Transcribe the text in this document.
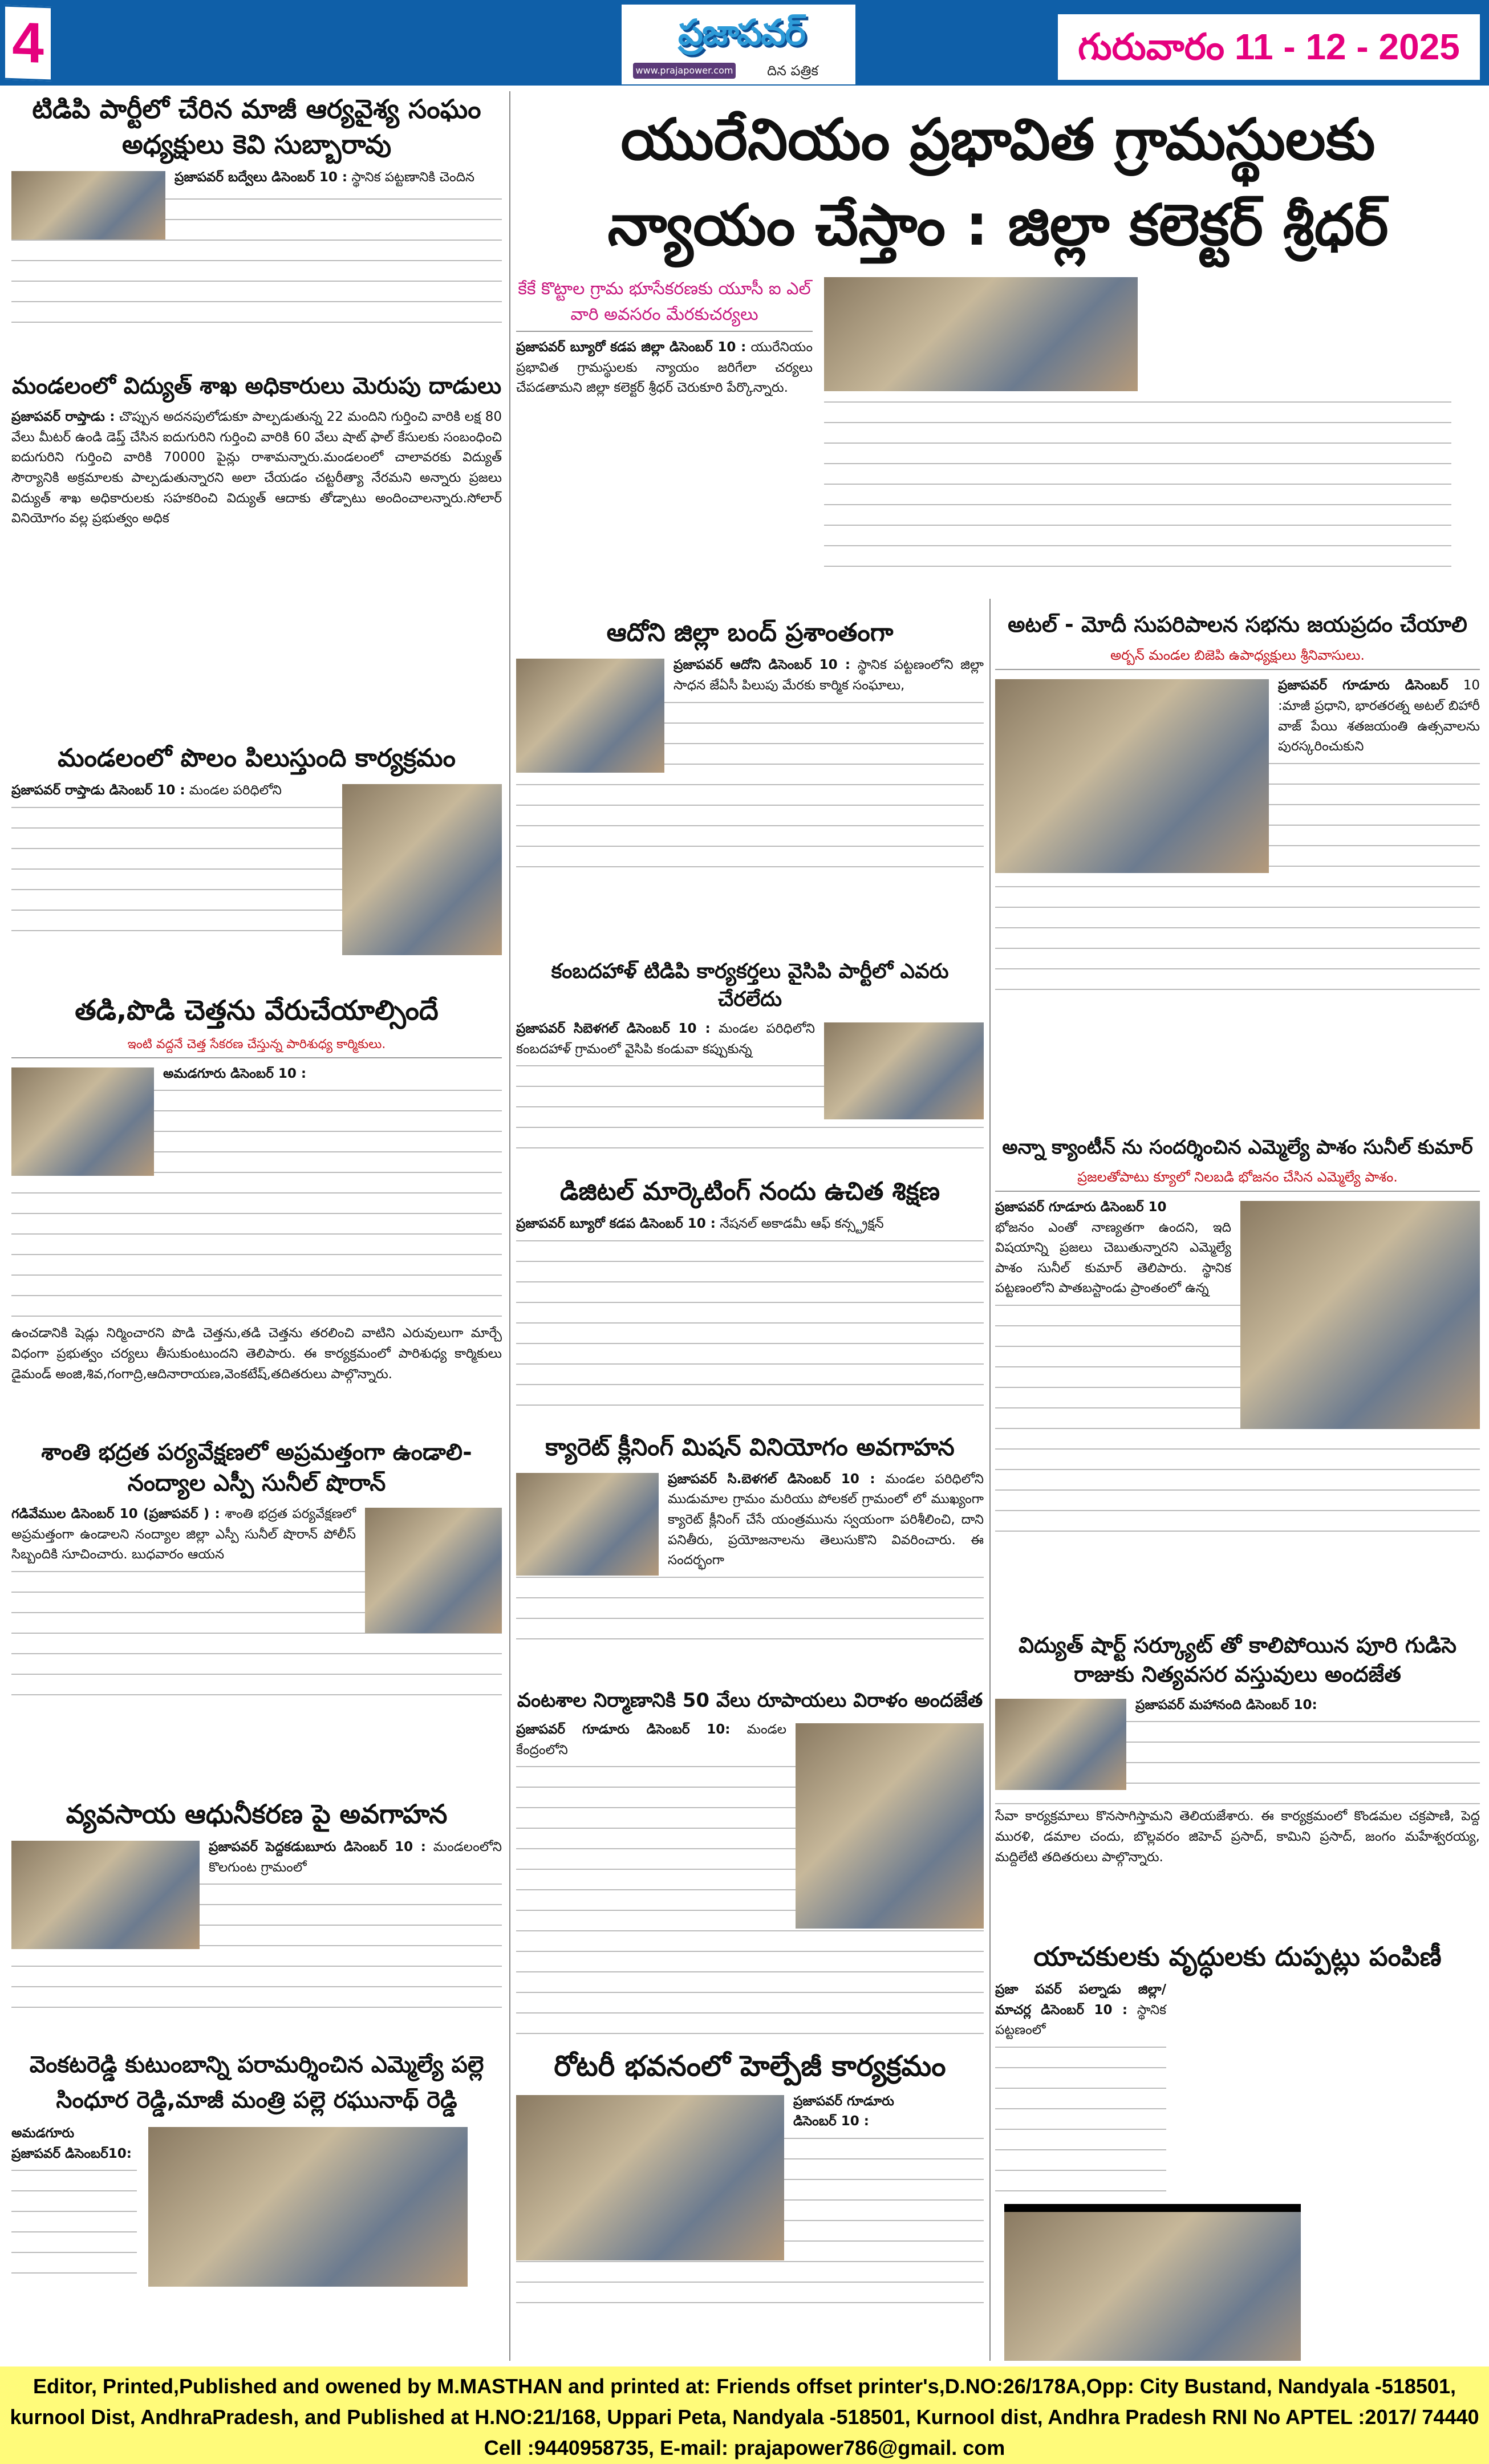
4	ప్రజాపవర్
www.prajapower.com	దిన పత్రిక
గురువారం 11 - 12 - 2025
యురేనియం ప్రభావిత గ్రామస్థులకు
న్యాయం చేస్తాం : జిల్లా కలెక్టర్ శ్రీధర్
కేకే కొట్టాల గ్రామ భూసేకరణకు యూసీ ఐ ఎల్ వారి అవసరం మేరకుచర్యలు
ప్రజాపవర్ బ్యూరో కడప జిల్లా డిసెంబర్ 10 : యురేనియం ప్రభావిత గ్రామస్థులకు న్యాయం జరిగేలా చర్యలు చేపడతామని జిల్లా కలెక్టర్ శ్రీధర్ చెరుకూరి పేర్కొన్నారు.
టిడిపి పార్టీలో చేరిన మాజీ ఆర్యవైశ్య సంఘం అధ్యక్షులు కెవి సుబ్బారావు
ప్రజాపవర్ బద్వేలు డిసెంబర్ 10 : స్థానిక పట్టణానికి చెందిన
మండలంలో విద్యుత్ శాఖ అధికారులు మెరుపు దాడులు
ప్రజాపవర్ రాప్తాడు : చొప్పున అదనపులోడుకూ పాల్పడుతున్న 22 మందిని గుర్తించి వారికి లక్ష 80 వేలు మీటర్ ఉండి డెప్త్ చేసిన ఐదుగురిని గుర్తించి వారికి 60 వేలు షాట్ ఫాల్ కేసులకు సంబంధించి ఐదుగురిని గుర్తించి వారికి 70000 పైన్లు రాశామన్నారు.మండలంలో చాలావరకు విద్యుత్ సౌర్యానికి అక్రమాలకు పాల్పడుతున్నారని అలా చేయడం చట్టరీత్యా నేరమని అన్నారు ప్రజలు విద్యుత్ శాఖ అధికారులకు సహకరించి విద్యుత్ ఆదాకు తోడ్పాటు అందించాలన్నారు.సోలార్ వినియోగం వల్ల ప్రభుత్వం అధిక
మండలంలో పొలం పిలుస్తుంది కార్యక్రమం
ప్రజాపవర్ రాప్తాడు డిసెంబర్ 10 : మండల పరిధిలోని
తడి,పొడి చెత్తను వేరుచేయాల్సిందే
ఇంటి వద్దనే చెత్త సేకరణ చేస్తున్న పారిశుధ్య కార్మికులు.
అమడగూరు డిసెంబర్ 10 :
ఉంచడానికి షెడ్లు నిర్మించారని పొడి చెత్తను,తడి చెత్తను తరలించి వాటిని ఎరువులుగా మార్చే విధంగా ప్రభుత్వం చర్యలు తీసుకుంటుందని తెలిపారు. ఈ కార్యక్రమంలో పారిశుధ్య కార్మికులు డైమండ్ అంజి,శివ,గంగాద్రి,ఆదినారాయణ,వెంకటేష్,తదితరులు పాల్గొన్నారు.
శాంతి భద్రత పర్యవేక్షణలో అప్రమత్తంగా ఉండాలి- నంద్యాల ఎస్పీ సునీల్ షొరాన్
గడివేముల డిసెంబర్ 10 (ప్రజాపవర్ ) : శాంతి భద్రత పర్యవేక్షణలో అప్రమత్తంగా ఉండాలని నంద్యాల జిల్లా ఎస్పీ సునీల్ షొరాన్ పోలీస్ సిబ్బందికి సూచించారు. బుధవారం ఆయన
వ్యవసాయ ఆధునీకరణ పై అవగాహన
ప్రజాపవర్ పెద్దకడుబూరు డిసెంబర్ 10 : మండలంలోని కొలగుంట గ్రామంలో
వెంకటరెడ్డి కుటుంబాన్ని పరామర్శించిన ఎమ్మెల్యే పల్లె సింధూర రెడ్డి,మాజీ మంత్రి పల్లె రఘునాథ్ రెడ్డి
అమడగూరు
ప్రజాపవర్ డిసెంబర్10:
ఆదోని జిల్లా బంద్ ప్రశాంతంగా
ప్రజాపవర్ ఆదోని డిసెంబర్ 10 : స్థానిక పట్టణంలోని జిల్లా సాధన జేఏసీ పిలుపు మేరకు కార్మిక సంఘాలు,
కంబదహాళ్ టిడిపి కార్యకర్తలు వైసిపి పార్టీలో ఎవరు చేరలేదు
ప్రజాపవర్ సిబెళగల్ డిసెంబర్ 10 : మండల పరిధిలోని కంబదహాళ్ గ్రామంలో వైసిపి కండువా కప్పుకున్న
డిజిటల్ మార్కెటింగ్ నందు ఉచిత శిక్షణ
ప్రజాపవర్ బ్యూరో కడప డిసెంబర్ 10 : నేషనల్ అకాడమీ ఆఫ్ కన్స్ట్రక్షన్
క్యారెట్ క్లీనింగ్ మిషన్ వినియోగం అవగాహన
ప్రజాపవర్ సి.బెళగల్ డిసెంబర్ 10 : మండల పరిధిలోని ముడుమాల గ్రామం మరియు పోలకల్ గ్రామంలో లో ముఖ్యంగా క్యారెట్ క్లీనింగ్ చేసే యంత్రమును స్వయంగా పరిశీలించి, దాని పనితీరు, ప్రయోజనాలను తెలుసుకొని వివరించారు. ఈ సందర్భంగా
వంటశాల నిర్మాణానికి 50 వేలు రూపాయలు విరాళం అందజేత
ప్రజాపవర్ గూడూరు డిసెంబర్ 10: మండల కేంద్రంలోని
రోటరీ భవనంలో హెల్పేజీ కార్యక్రమం
ప్రజాపవర్ గూడూరు
డిసెంబర్ 10 :
అటల్ - మోదీ సుపరిపాలన సభను జయప్రదం చేయాలి
అర్బన్ మండల బిజెపి ఉపాధ్యక్షులు శ్రీనివాసులు.
ప్రజాపవర్ గూడూరు డిసెంబర్ 10 :మాజీ ప్రధాని, భారతరత్న అటల్ బిహారీ వాజ్ పేయి శతజయంతి ఉత్సవాలను పురస్కరించుకుని
అన్నా క్యాంటీన్ ను సందర్శించిన ఎమ్మెల్యే పాశం సునీల్ కుమార్
ప్రజలతోపాటు క్యూలో నిలబడి భోజనం చేసిన ఎమ్మెల్యే పాశం.
ప్రజాపవర్ గూడూరు డిసెంబర్ 10
భోజనం ఎంతో నాణ్యతగా ఉందని, ఇది విషయాన్ని ప్రజలు చెబుతున్నారని ఎమ్మెల్యే పాశం సునీల్ కుమార్ తెలిపారు. స్థానిక పట్టణంలోని పాతబస్టాండు ప్రాంతంలో ఉన్న
విద్యుత్ షార్ట్ సర్క్యూట్ తో కాలిపోయిన పూరి గుడిసె రాజుకు నిత్యవసర వస్తువులు అందజేత
ప్రజాపవర్ మహానంది డిసెంబర్ 10:
సేవా కార్యక్రమాలు కొనసాగిస్తామని తెలియజేశారు. ఈ కార్యక్రమంలో కొండమల చక్రపాణి, పెద్ద మురళి, డమాల చందు, బొల్లవరం జిహెచ్ ప్రసాద్, కామిని ప్రసాద్, జంగం మహేశ్వరయ్య, మద్దిలేటి తదితరులు పాల్గొన్నారు.
యాచకులకు వృద్ధులకు దుప్పట్లు పంపిణీ
ప్రజా పవర్ పల్నాడు జిల్లా/ మాచర్ల డిసెంబర్ 10 : స్థానిక పట్టణంలో
Editor, Printed,Published and owened by M.MASTHAN and printed at: Friends offset printer's,D.NO:26/178A,Opp: City Bustand, Nandyala -518501,
kurnool Dist, AndhraPradesh, and Published at H.NO:21/168, Uppari Peta, Nandyala -518501, Kurnool dist, Andhra Pradesh RNI No APTEL :2017/ 74440
Cell :9440958735, E-mail: prajapower786@gmail. com
